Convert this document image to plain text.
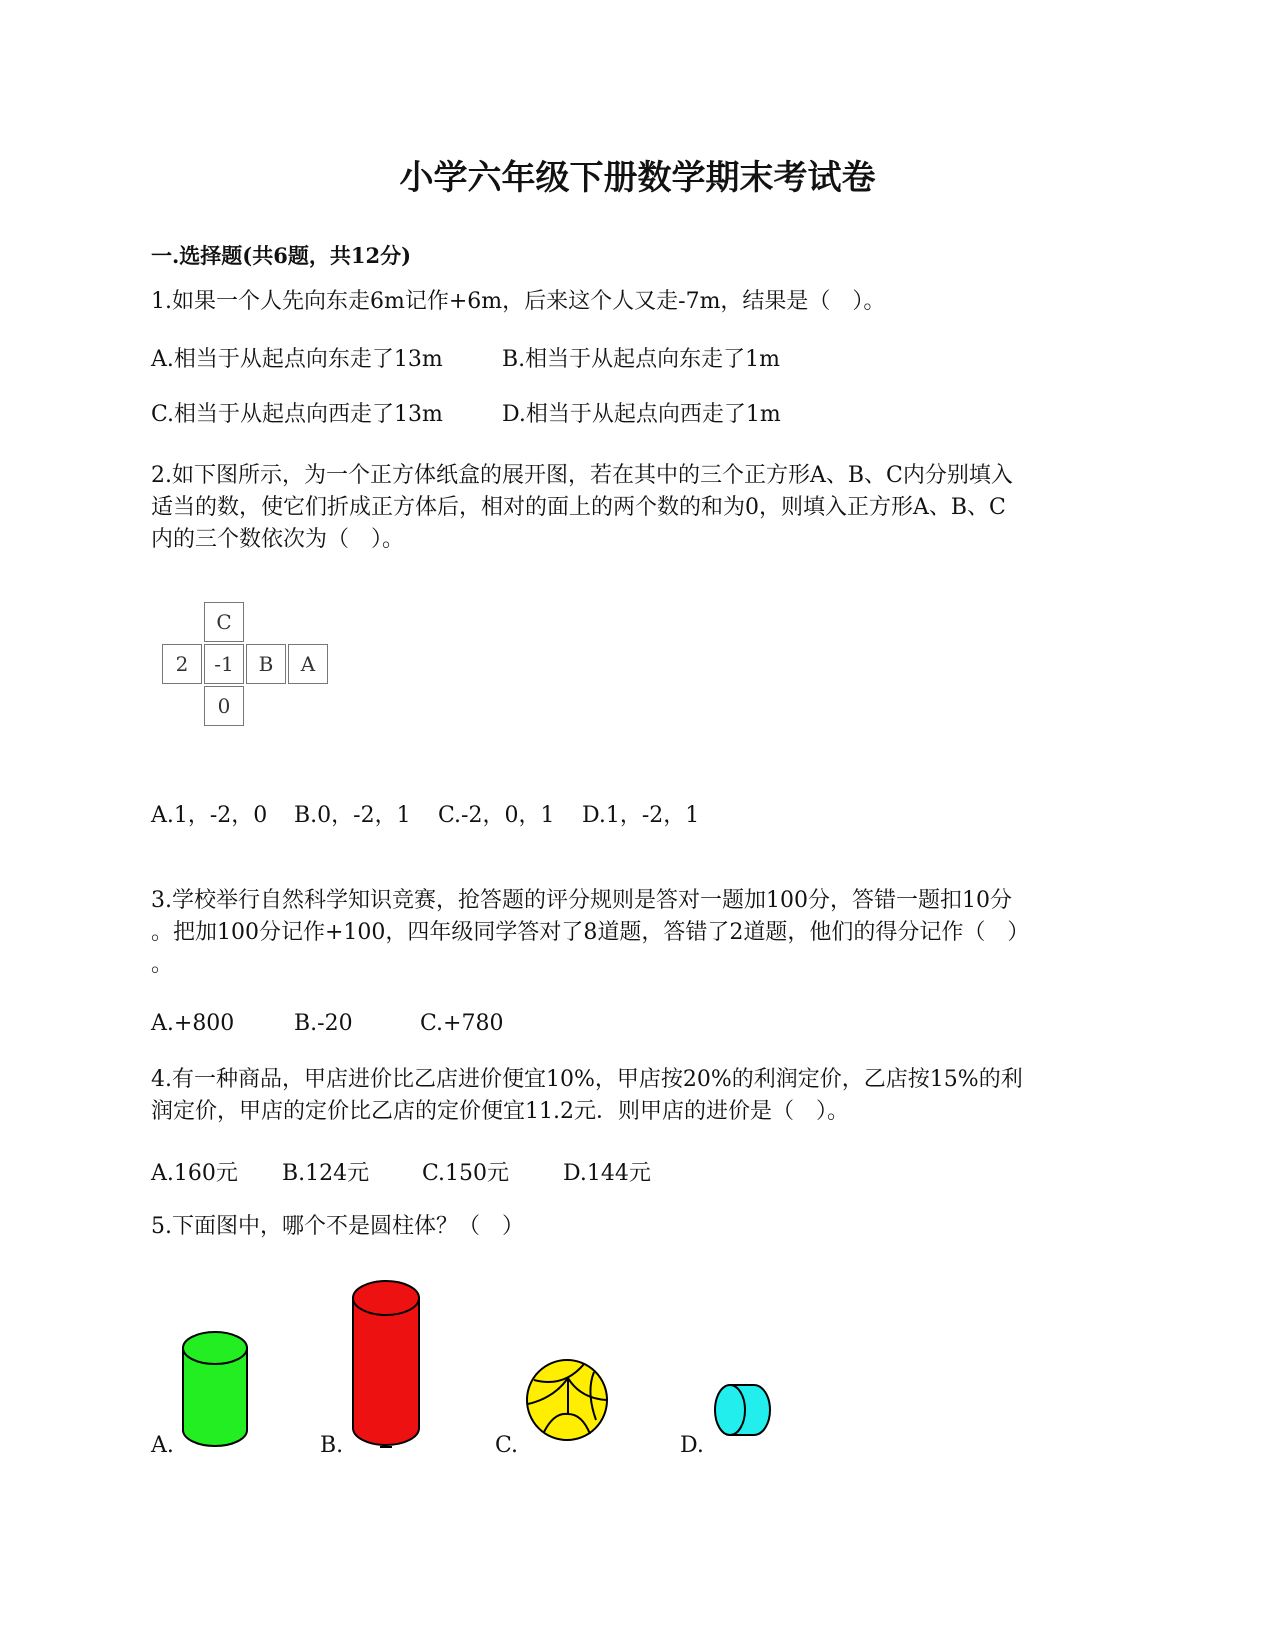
小学六年级下册数学期末考试卷
一.选择题(共6题，共12分)
1.如果一个人先向东走6m记作+6m，后来这个人又走-7m，结果是（　）。
A.相当于从起点向东走了13m	B.相当于从起点向东走了1m
C.相当于从起点向西走了13m	D.相当于从起点向西走了1m
2.如下图所示，为一个正方体纸盒的展开图，若在其中的三个正方形A、B、C内分别填入
适当的数，使它们折成正方体后，相对的面上的两个数的和为0，则填入正方形A、B、C
内的三个数依次为（　）。
C
2	-1	B	A
0
A.1，-2，0 B.0，-2，1 C.-2，0，1 D.1，-2，1
3.学校举行自然科学知识竞赛，抢答题的评分规则是答对一题加100分，答错一题扣10分
。把加100分记作+100，四年级同学答对了8道题，答错了2道题，他们的得分记作（　）
。
A.+800	B.-20	C.+780
4.有一种商品，甲店进价比乙店进价便宜10%，甲店按20%的利润定价，乙店按15%的利
润定价，甲店的定价比乙店的定价便宜11.2元．则甲店的进价是（　）。
A.160元 B.124元 C.150元 D.144元
5.下面图中，哪个不是圆柱体？（　）
A.	B.	C.	D.
